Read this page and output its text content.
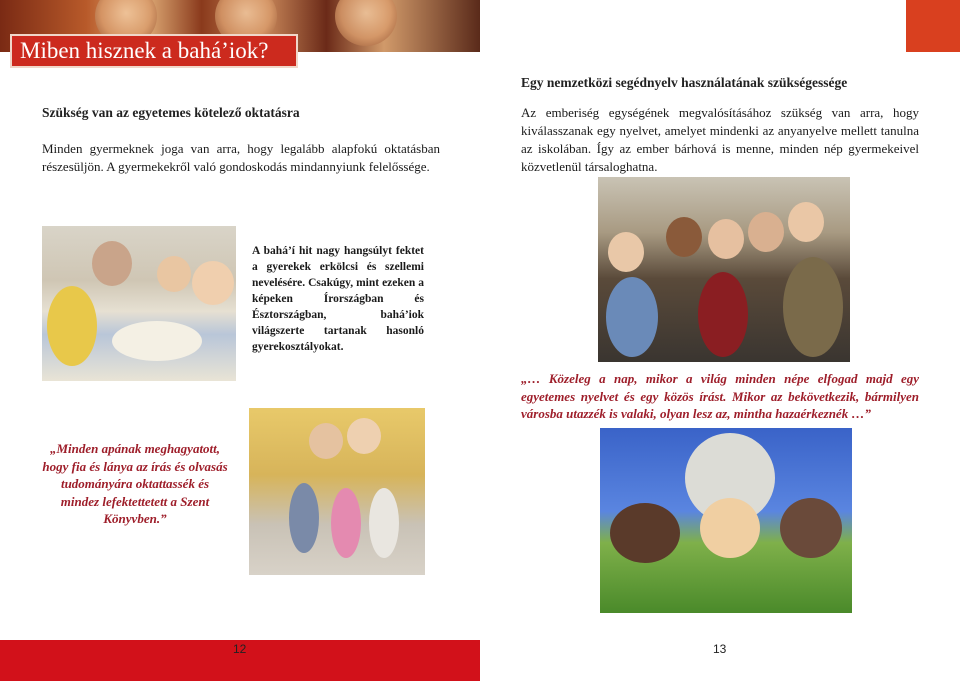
Miben hisznek a bahá’iok?
Szükség van az egyetemes kötelező oktatásra
Minden gyermeknek joga van arra, hogy legalább alapfokú oktatásban részesüljön. A gyermekekről való gondoskodás mindannyiunk felelőssége.
A bahá’í hit nagy hangsúlyt fektet a gyerekek erkölcsi és szellemi nevelésére. Csakúgy, mint ezeken a képeken Írországban és Észtországban, bahá’iok világszerte tartanak hasonló gyerekosztályokat.
„Minden apának meghagyatott, hogy fia és lánya az írás és olvasás tudományára oktattassék és mindez lefektettetett a Szent Könyvben.”
12
Egy nemzetközi segédnyelv használatának szükségessége
Az emberiség egységének megvalósításához szükség van arra, hogy kiválasszanak egy nyelvet, amelyet mindenki az anyanyelve mellett tanulna az iskolában. Így az ember bárhová is menne, minden nép gyermekeivel közvetlenül társaloghatna.
„… Közeleg a nap, mikor a világ minden népe elfogad majd egy egyetemes nyelvet és egy közös írást. Mikor az bekövetkezik, bármilyen városba utazzék is valaki, olyan lesz az, mintha hazaérkeznék …”
13
